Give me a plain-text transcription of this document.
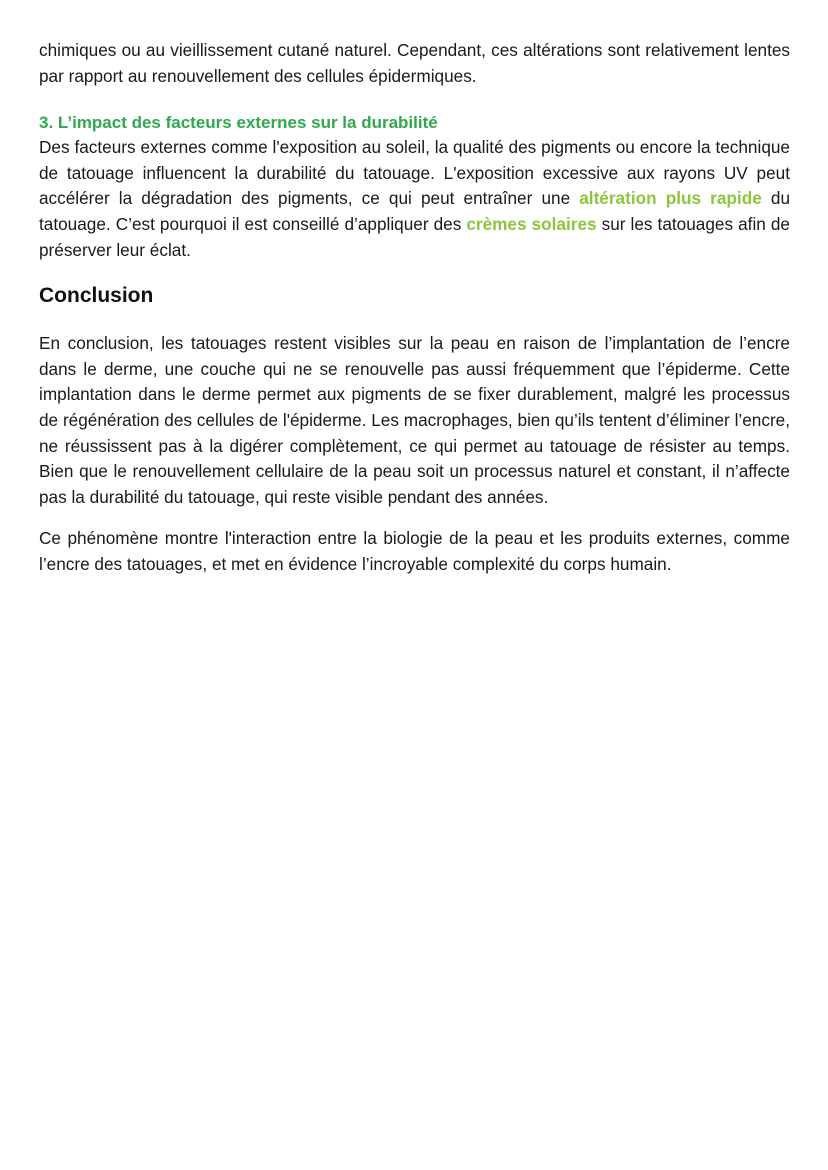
chimiques ou au vieillissement cutané naturel. Cependant, ces altérations sont relativement lentes par rapport au renouvellement des cellules épidermiques.

3. L’impact des facteurs externes sur la durabilité

Des facteurs externes comme l'exposition au soleil, la qualité des pigments ou encore la technique de tatouage influencent la durabilité du tatouage. L'exposition excessive aux rayons UV peut accélérer la dégradation des pigments, ce qui peut entraîner une altération plus rapide du tatouage. C’est pourquoi il est conseillé d’appliquer des crèmes solaires sur les tatouages afin de préserver leur éclat.

Conclusion

En conclusion, les tatouages restent visibles sur la peau en raison de l’implantation de l’encre dans le derme, une couche qui ne se renouvelle pas aussi fréquemment que l’épiderme. Cette implantation dans le derme permet aux pigments de se fixer durablement, malgré les processus de régénération des cellules de l'épiderme. Les macrophages, bien qu’ils tentent d’éliminer l’encre, ne réussissent pas à la digérer complètement, ce qui permet au tatouage de résister au temps. Bien que le renouvellement cellulaire de la peau soit un processus naturel et constant, il n’affecte pas la durabilité du tatouage, qui reste visible pendant des années.

Ce phénomène montre l'interaction entre la biologie de la peau et les produits externes, comme l’encre des tatouages, et met en évidence l’incroyable complexité du corps humain.
